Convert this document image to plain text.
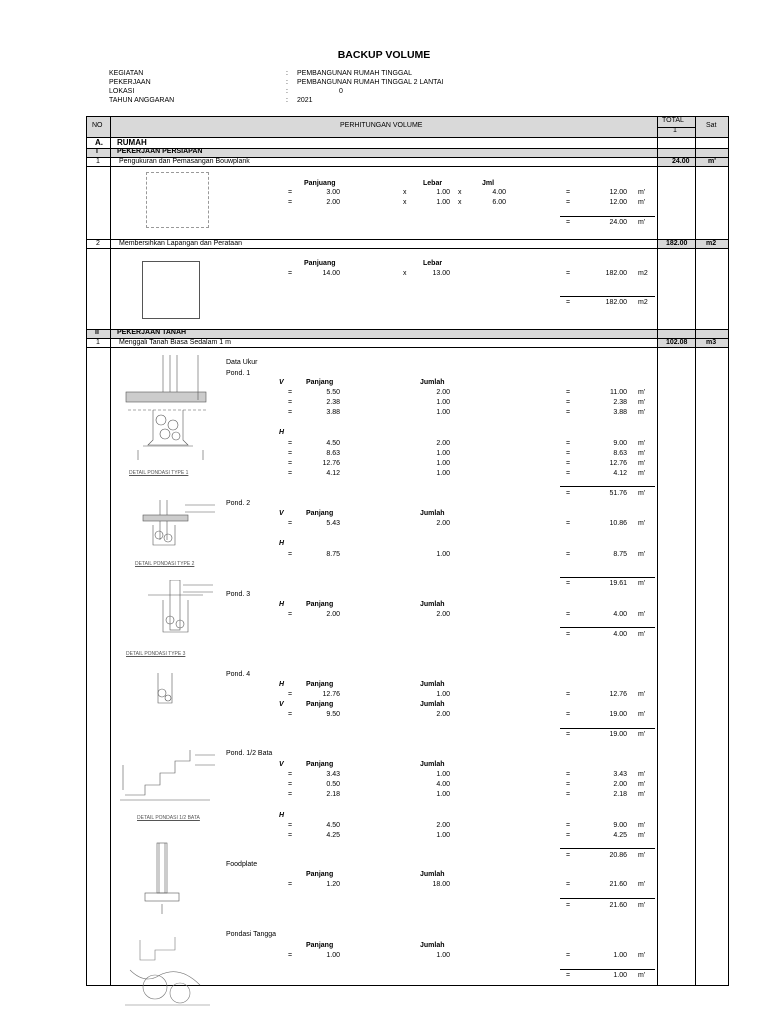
BACKUP VOLUME
KEGIATAN	: PEMBANGUNAN RUMAH TINGGAL
PEKERJAAN	: PEMBANGUNAN RUMAH TINGGAL 2 LANTAI
LOKASI	:	0
TAHUN ANGGARAN	: 2021
NO	PERHITUNGAN VOLUME
TOTAL
1
Sat
A. RUMAH
I	PEKERJAAN PERSIAPAN
1	Pengukuran dan Pemasangan Bouwplank	24.00	m'
Panjuang	Lebar	Jml
=	3.00	x	1.00 x	4.00	=	12.00 m'
=	2.00	x	1.00 x	6.00	=	12.00 m'
=	24.00 m'
2	Membersihkan Lapangan dan Perataan	182.00	m2
Panjuang	Lebar
=	14.00	x	13.00	=	182.00 m2
=	182.00 m2
II	PEKERJAAN TANAH
1	Menggali Tanah Biasa Sedalam 1 m	102.08	m3
DETAIL PONDASI TYPE 1
DETAIL PONDASI TYPE 2
DETAIL PONDASI TYPE 3
DETAIL PONDASI 1/2 BATA
Data Ukur
Pond. 1
V	Panjang	Jumlah
=	5.50	2.00	=	11.00 m'
=	2.38	1.00	=	2.38 m'
=	3.88	1.00	=	3.88 m'
H
=	4.50	2.00	=	9.00 m'
=	8.63	1.00	=	8.63 m'
=	12.76	1.00	=	12.76 m'
=	4.12	1.00	=	4.12 m'
=	51.76 m'
Pond. 2
V	Panjang	Jumlah
=	5.43	2.00	=	10.86 m'
H
=	8.75	1.00	=	8.75 m'
=	19.61 m'
Pond. 3
H	Panjang	Jumlah
=	2.00	2.00	=	4.00 m'
=	4.00 m'
Pond. 4
H	Panjang	Jumlah
=	12.76	1.00	=	12.76 m'
V	Panjang	Jumlah
=	9.50	2.00	=	19.00 m'
=	19.00 m'
Pond. 1/2 Bata
V	Panjang	Jumlah
=	3.43	1.00	=	3.43 m'
=	0.50	4.00	=	2.00 m'
=	2.18	1.00	=	2.18 m'
H
=	4.50	2.00	=	9.00 m'
=	4.25	1.00	=	4.25 m'
=	20.86 m'
Foodplate
Panjang	Jumlah
=	1.20	18.00	=	21.60 m'
=	21.60 m'
Pondasi Tangga
Panjang	Jumlah
=	1.00	1.00	=	1.00 m'
=	1.00 m'
